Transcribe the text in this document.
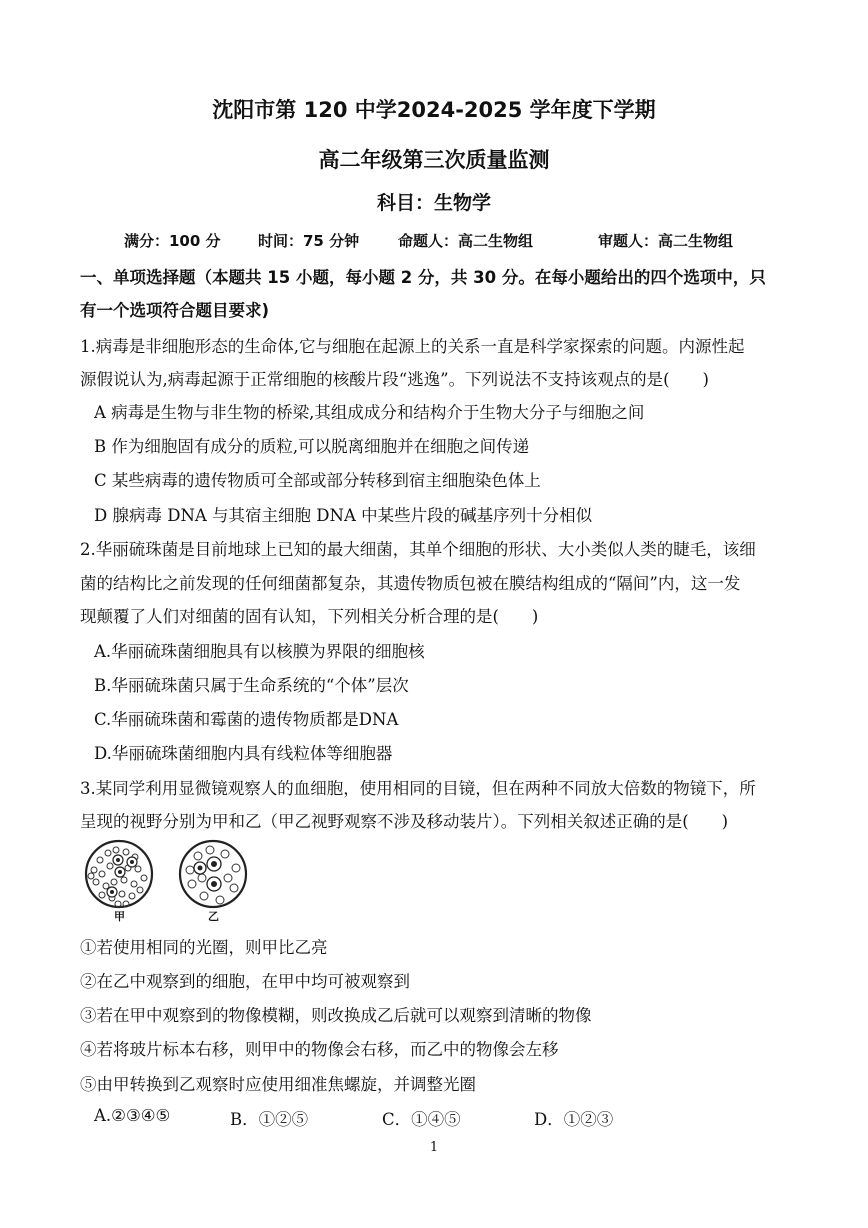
沈阳市第 120 中学2024-2025 学年度下学期
高二年级第三次质量监测
科目：生物学
满分：100 分 时间：75 分钟	命题人：高二生物组	审题人：高二生物组
一、单项选择题（本题共 15 小题，每小题 2 分，共 30 分。在每小题给出的四个选项中，只
有一个选项符合题目要求)
1.病毒是非细胞形态的生命体,它与细胞在起源上的关系一直是科学家探索的问题。内源性起
源假说认为,病毒起源于正常细胞的核酸片段“逃逸”。下列说法不支持该观点的是(　　)
A 病毒是生物与非生物的桥梁,其组成成分和结构介于生物大分子与细胞之间
B 作为细胞固有成分的质粒,可以脱离细胞并在细胞之间传递
C 某些病毒的遗传物质可全部或部分转移到宿主细胞染色体上
D 腺病毒 DNA 与其宿主细胞 DNA 中某些片段的碱基序列十分相似
2.华丽硫珠菌是目前地球上已知的最大细菌，其单个细胞的形状、大小类似人类的睫毛，该细
菌的结构比之前发现的任何细菌都复杂，其遗传物质包被在膜结构组成的“隔间”内，这一发
现颠覆了人们对细菌的固有认知，下列相关分析合理的是(　　)
A.华丽硫珠菌细胞具有以核膜为界限的细胞核
B.华丽硫珠菌只属于生命系统的“个体”层次
C.华丽硫珠菌和霉菌的遗传物质都是DNA
D.华丽硫珠菌细胞内具有线粒体等细胞器
3.某同学利用显微镜观察人的血细胞，使用相同的目镜，但在两种不同放大倍数的物镜下，所
呈现的视野分别为甲和乙（甲乙视野观察不涉及移动装片）。下列相关叙述正确的是(　　)
甲	乙
①若使用相同的光圈，则甲比乙亮
②在乙中观察到的细胞，在甲中均可被观察到
③若在甲中观察到的物像模糊，则改换成乙后就可以观察到清晰的物像
④若将玻片标本右移，则甲中的物像会右移，而乙中的物像会左移
⑤由甲转换到乙观察时应使用细准焦螺旋，并调整光圈
A.②③④⑤	B．①②⑤	C．①④⑤	D．①②③
1
